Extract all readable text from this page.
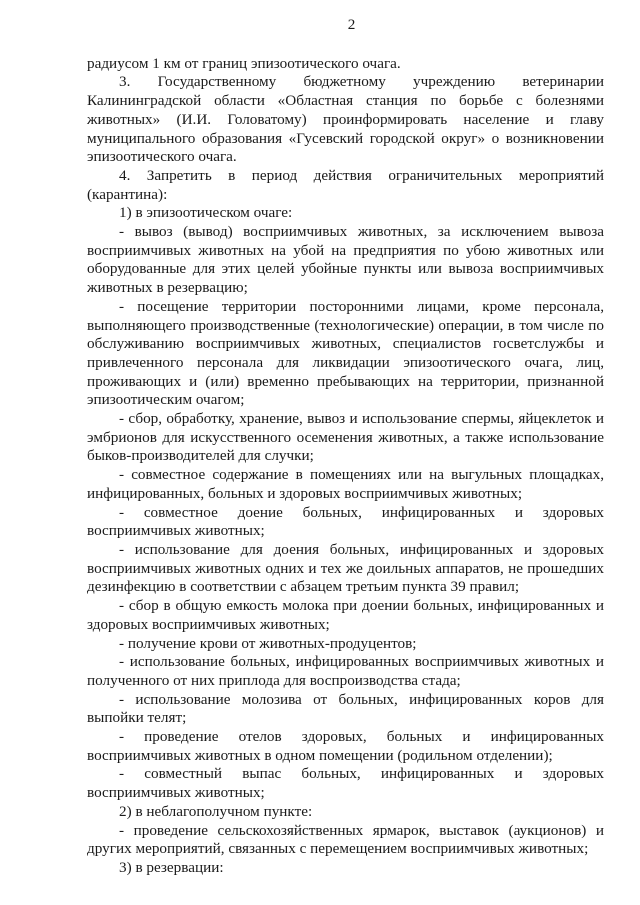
2

радиусом 1 км от границ эпизоотического очага.

3. Государственному бюджетному учреждению ветеринарии Калининградской области «Областная станция по борьбе с болезнями животных» (И.И. Головатому) проинформировать население и главу муниципального образования «Гусевский городской округ» о возникновении эпизоотического очага.

4. Запретить в период действия ограничительных мероприятий (карантина):

1) в эпизоотическом очаге:

- вывоз (вывод) восприимчивых животных, за исключением вывоза восприимчивых животных на убой на предприятия по убою животных или оборудованные для этих целей убойные пункты или вывоза восприимчивых животных в резервацию;

- посещение территории посторонними лицами, кроме персонала, выполняющего производственные (технологические) операции, в том числе по обслуживанию восприимчивых животных, специалистов госветслужбы и привлеченного персонала для ликвидации эпизоотического очага, лиц, проживающих и (или) временно пребывающих на территории, признанной эпизоотическим очагом;

- сбор, обработку, хранение, вывоз и использование спермы, яйцеклеток и эмбрионов для искусственного осеменения животных, а также использование быков-производителей для случки;

- совместное содержание в помещениях или на выгульных площадках, инфицированных, больных и здоровых восприимчивых животных;

- совместное доение больных, инфицированных и здоровых восприимчивых животных;

- использование для доения больных, инфицированных и здоровых восприимчивых животных одних и тех же доильных аппаратов, не прошедших дезинфекцию в соответствии с абзацем третьим пункта 39 правил;

- сбор в общую емкость молока при доении больных, инфицированных и здоровых восприимчивых животных;

- получение крови от животных-продуцентов;

- использование больных, инфицированных восприимчивых животных и полученного от них приплода для воспроизводства стада;

- использование молозива от больных, инфицированных коров для выпойки телят;

- проведение отелов здоровых, больных и инфицированных восприимчивых животных в одном помещении (родильном отделении);

- совместный выпас больных, инфицированных и здоровых восприимчивых животных;

2) в неблагополучном пункте:

- проведение сельскохозяйственных ярмарок, выставок (аукционов) и других мероприятий, связанных с перемещением восприимчивых животных;

3) в резервации:
